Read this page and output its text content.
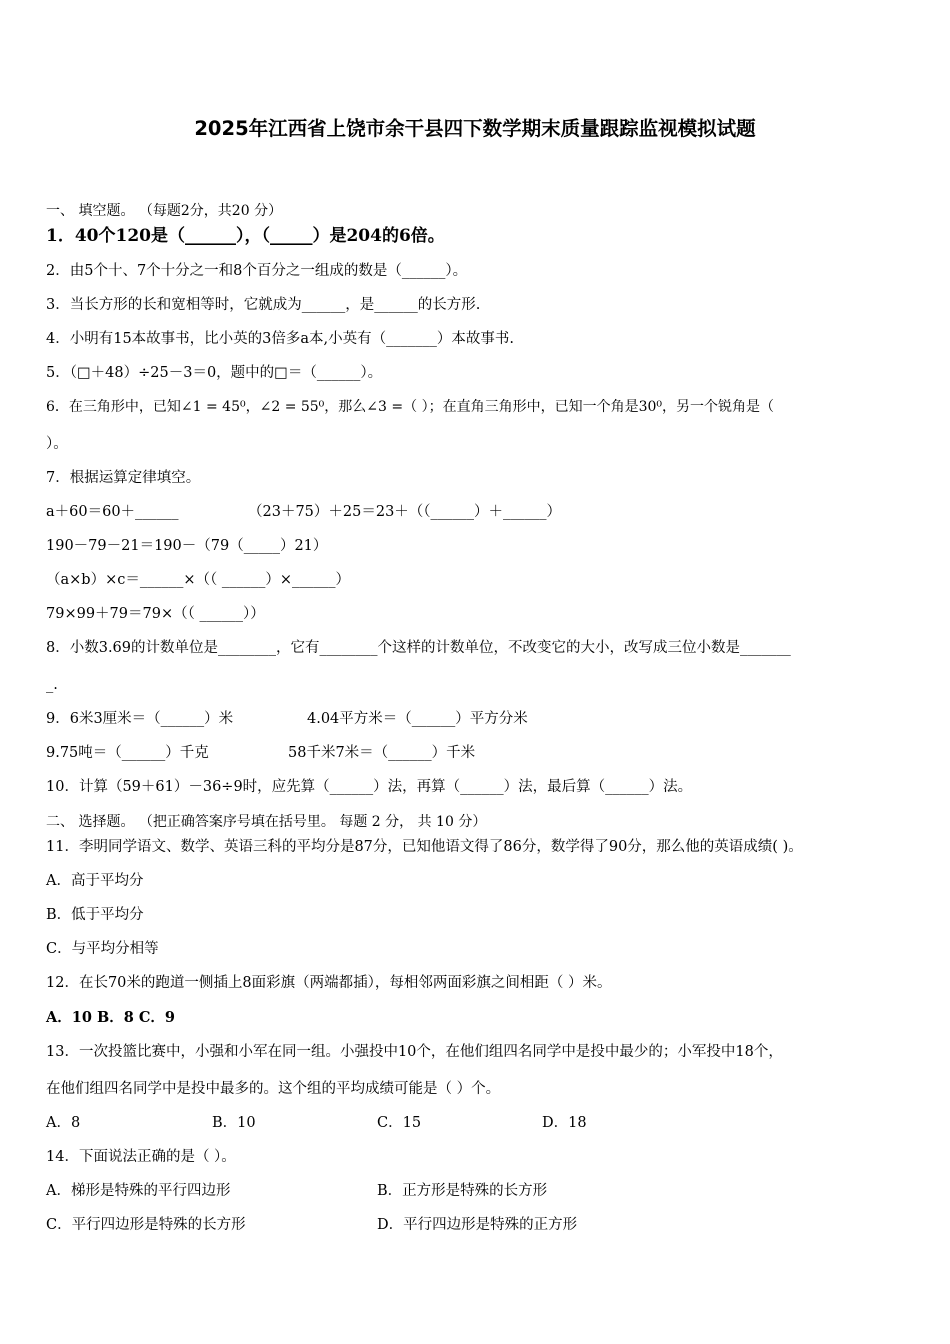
2025年江西省上饶市余干县四下数学期末质量跟踪监视模拟试题
一、 填空题。 （每题2分，共20 分）
1．40个120是（______），（_____）是204的6倍。
2．由5个十、7个十分之一和8个百分之一组成的数是（______）。
3．当长方形的长和宽相等时，它就成为______，是______的长方形.
4．小明有15本故事书，比小英的3倍多a本,小英有（_______）本故事书.
5．（□＋48）÷25－3＝0，题中的□＝（______）。
6．在三角形中，已知∠1 = 45⁰，∠2 = 55⁰，那么∠3 =（ ）；在直角三角形中，已知一个角是30⁰，另一个锐角是（
）。
7．根据运算定律填空。
a＋60＝60＋______	（23＋75）＋25＝23＋（（______）＋______）
190－79－21＝190－（79（_____）21）
（a×b）×c＝______×（（ ______）×______）
79×99＋79＝79×（（ ______））
8．小数3.69的计数单位是________，它有________个这样的计数单位，不改变它的大小，改写成三位小数是_______
_.
9．6米3厘米＝（______）米	4.04平方米＝（______）平方分米
9.75吨＝（______）千克	58千米7米＝（______）千米
10．计算（59＋61）－36÷9时，应先算（______）法，再算（______）法，最后算（______）法。
二、 选择题。 （把正确答案序号填在括号里。 每题 2 分， 共 10 分）
11．李明同学语文、数学、英语三科的平均分是87分，已知他语文得了86分，数学得了90分，那么他的英语成绩( )。
A．高于平均分
B．低于平均分
C．与平均分相等
12．在长70米的跑道一侧插上8面彩旗（两端都插），每相邻两面彩旗之间相距（ ）米。
A．10 B．8 C．9
13．一次投篮比赛中，小强和小军在同一组。小强投中10个，在他们组四名同学中是投中最少的；小军投中18个，
在他们组四名同学中是投中最多的。这个组的平均成绩可能是（ ）个。
A．8	B．10	C．15	D．18
14．下面说法正确的是（ ）。
A．梯形是特殊的平行四边形	B．正方形是特殊的长方形
C．平行四边形是特殊的长方形	D．平行四边形是特殊的正方形
